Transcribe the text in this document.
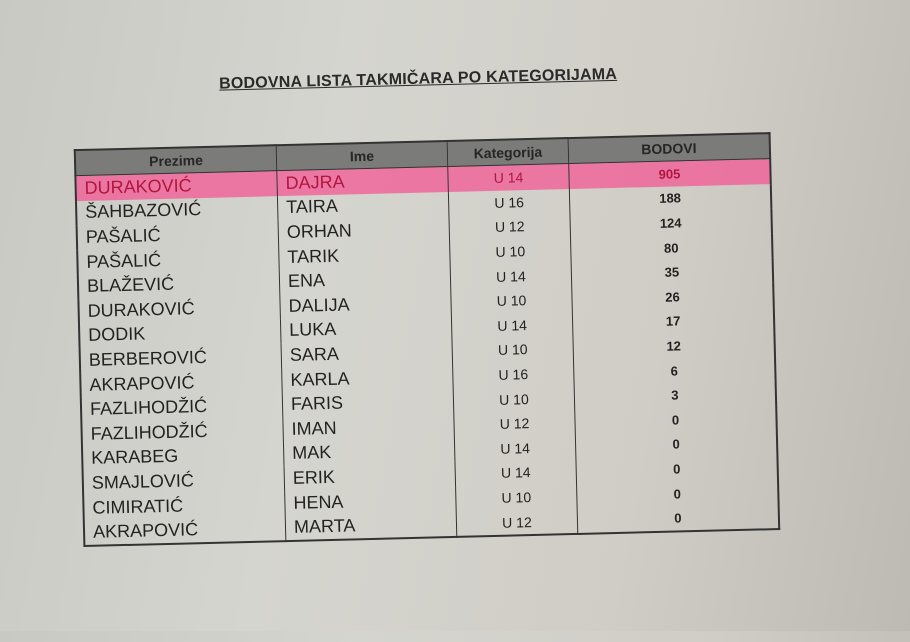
BODOVNA LISTA TAKMIČARA PO KATEGORIJAMA
Prezime	Ime	Kategorija	BODOVI
DURAKOVIĆ	DAJRA	U 14	905
ŠAHBAZOVIĆ	TAIRA	U 16	188
PAŠALIĆ	ORHAN	U 12	124
PAŠALIĆ	TARIK	U 10	80
BLAŽEVIĆ	ENA	U 14	35
DURAKOVIĆ	DALIJA	U 10	26
DODIK	LUKA	U 14	17
BERBEROVIĆ	SARA	U 10	12
AKRAPOVIĆ	KARLA	U 16	6
FAZLIHODŽIĆ	FARIS	U 10	3
FAZLIHODŽIĆ	IMAN	U 12	0
KARABEG	MAK	U 14	0
SMAJLOVIĆ	ERIK	U 14	0
CIMIRATIĆ	HENA	U 10	0
AKRAPOVIĆ	MARTA	U 12	0
